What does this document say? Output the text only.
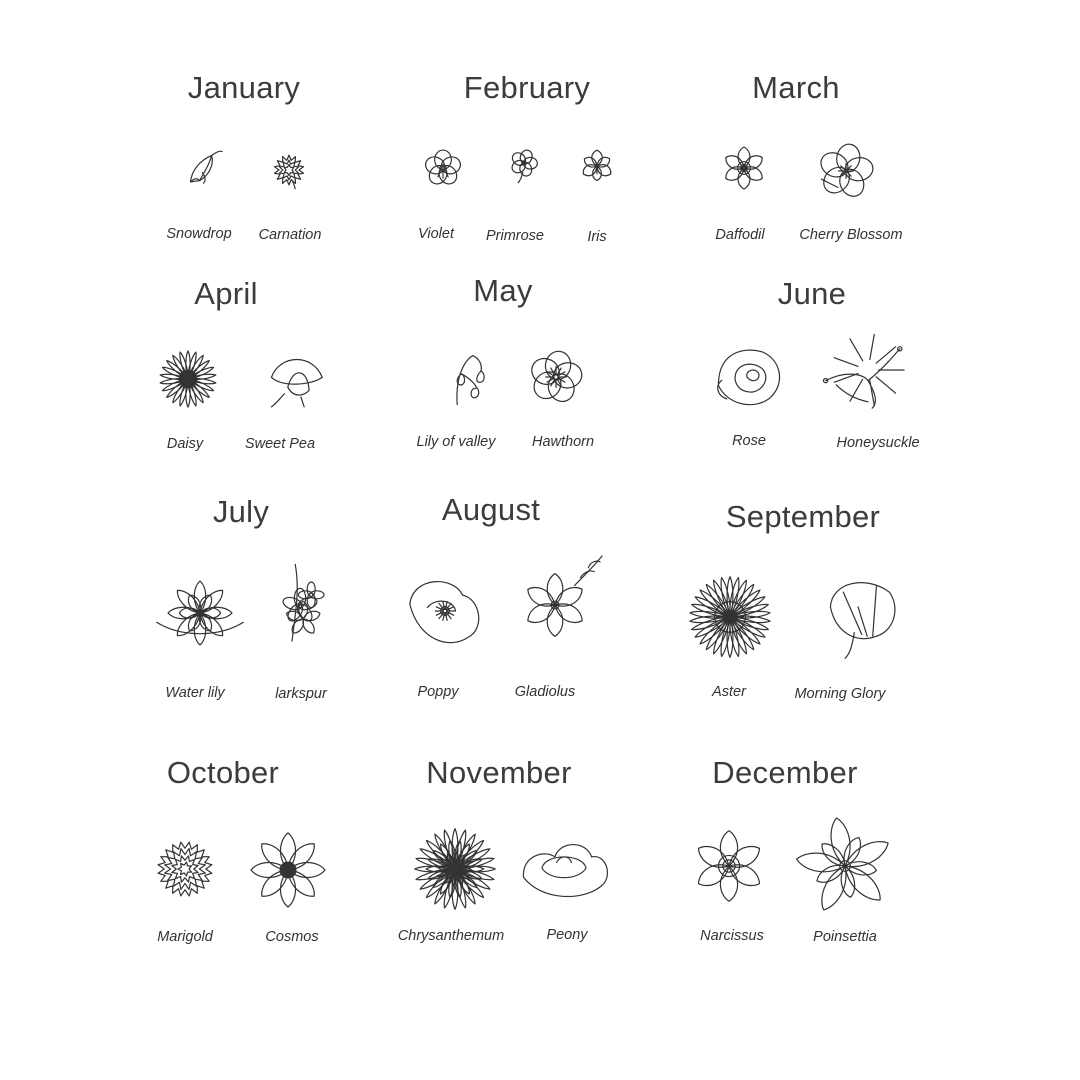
January	February	March
April	May	June
July	August	September
October	November	December
Snowdrop Carnation	Violet Primrose	Iris	Daffodil Cherry Blossom
Daisy	Sweet Pea	Lily of valley	Hawthorn	Rose	Honeysuckle
Water lily	larkspur	Poppy	Gladiolus	Aster	Morning Glory
Marigold	Cosmos	Chrysanthemum	Peony	Narcissus	Poinsettia
